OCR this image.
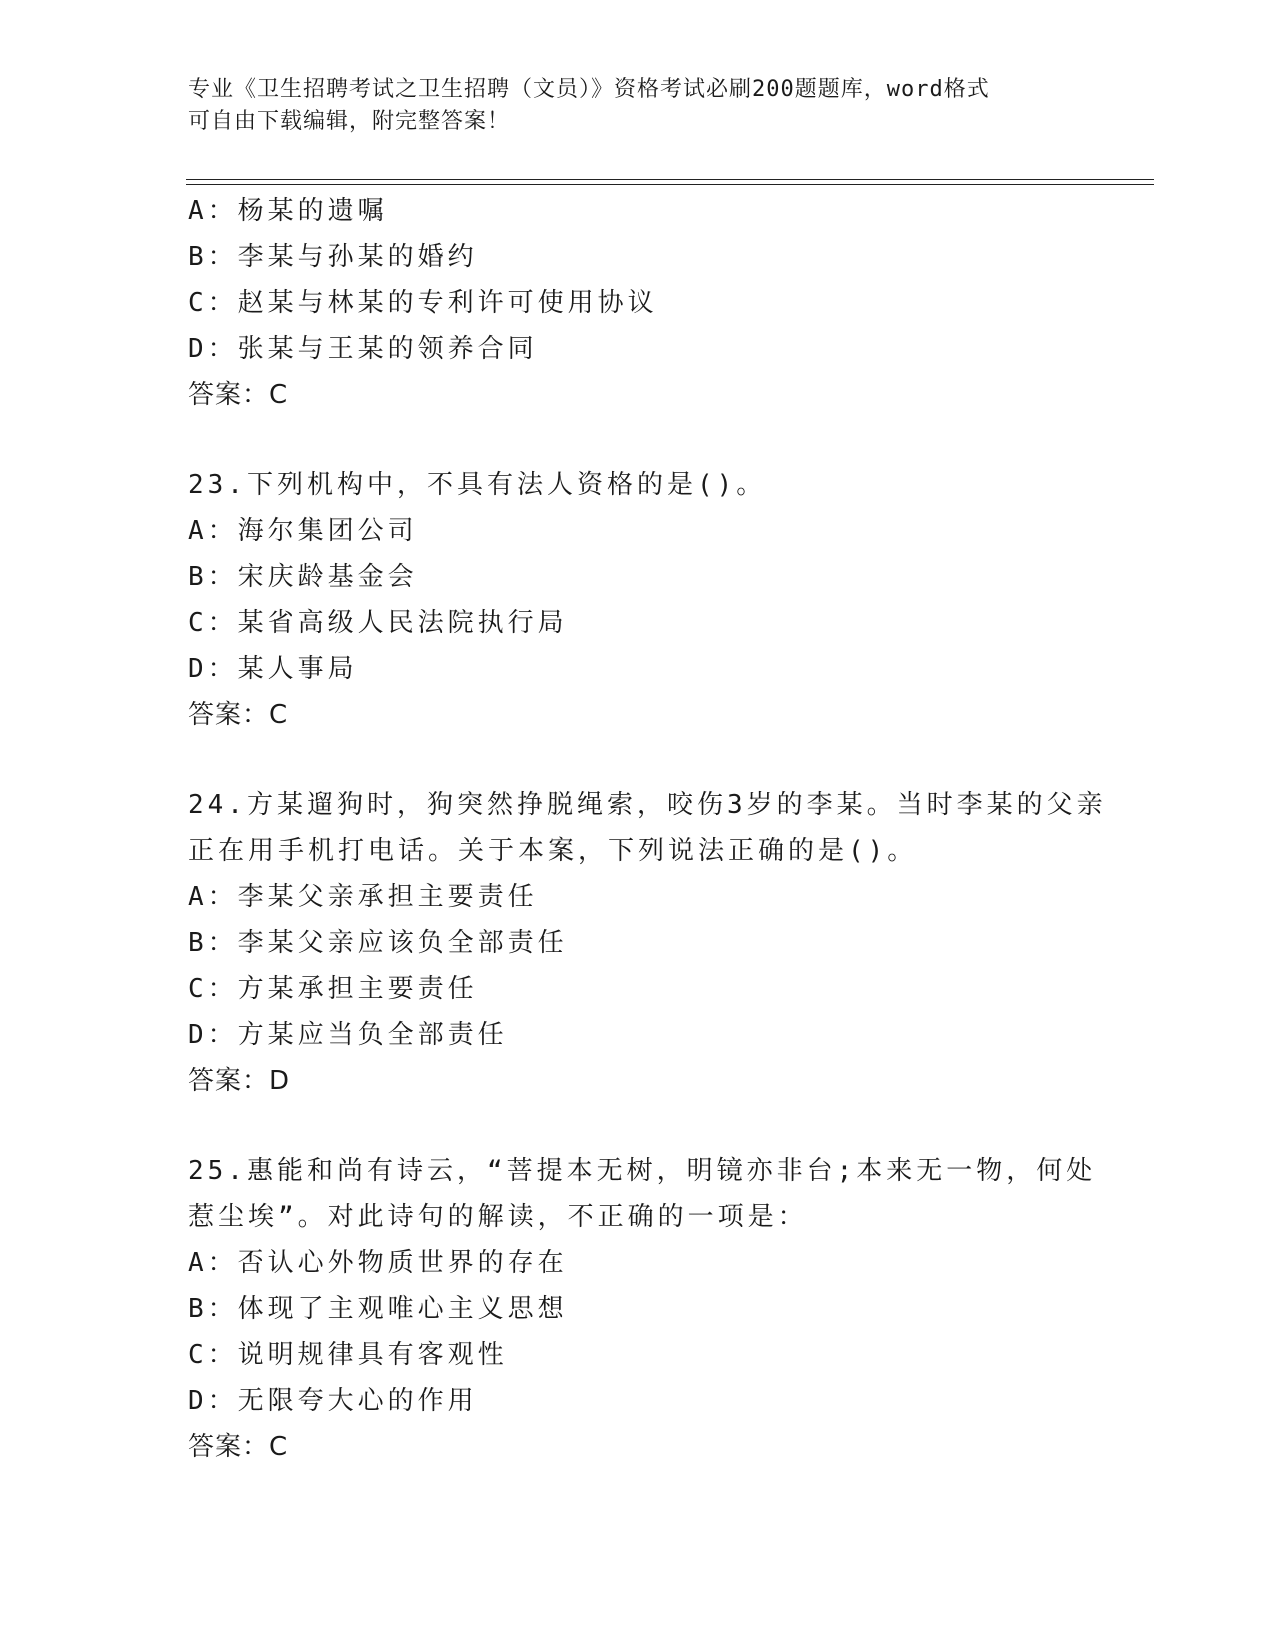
专业《卫生招聘考试之卫生招聘（文员）》资格考试必刷200题题库，word格式
可自由下载编辑，附完整答案！
A：杨某的遗嘱
B：李某与孙某的婚约
C：赵某与林某的专利许可使用协议
D：张某与王某的领养合同
答案：C
23.下列机构中，不具有法人资格的是()。
A：海尔集团公司
B：宋庆龄基金会
C：某省高级人民法院执行局
D：某人事局
答案：C
24.方某遛狗时，狗突然挣脱绳索，咬伤3岁的李某。当时李某的父亲
正在用手机打电话。关于本案，下列说法正确的是()。
A：李某父亲承担主要责任
B：李某父亲应该负全部责任
C：方某承担主要责任
D：方某应当负全部责任
答案：D
25.惠能和尚有诗云，“菩提本无树，明镜亦非台;本来无一物，何处
惹尘埃”。对此诗句的解读，不正确的一项是：
A：否认心外物质世界的存在
B：体现了主观唯心主义思想
C：说明规律具有客观性
D：无限夸大心的作用
答案：C
